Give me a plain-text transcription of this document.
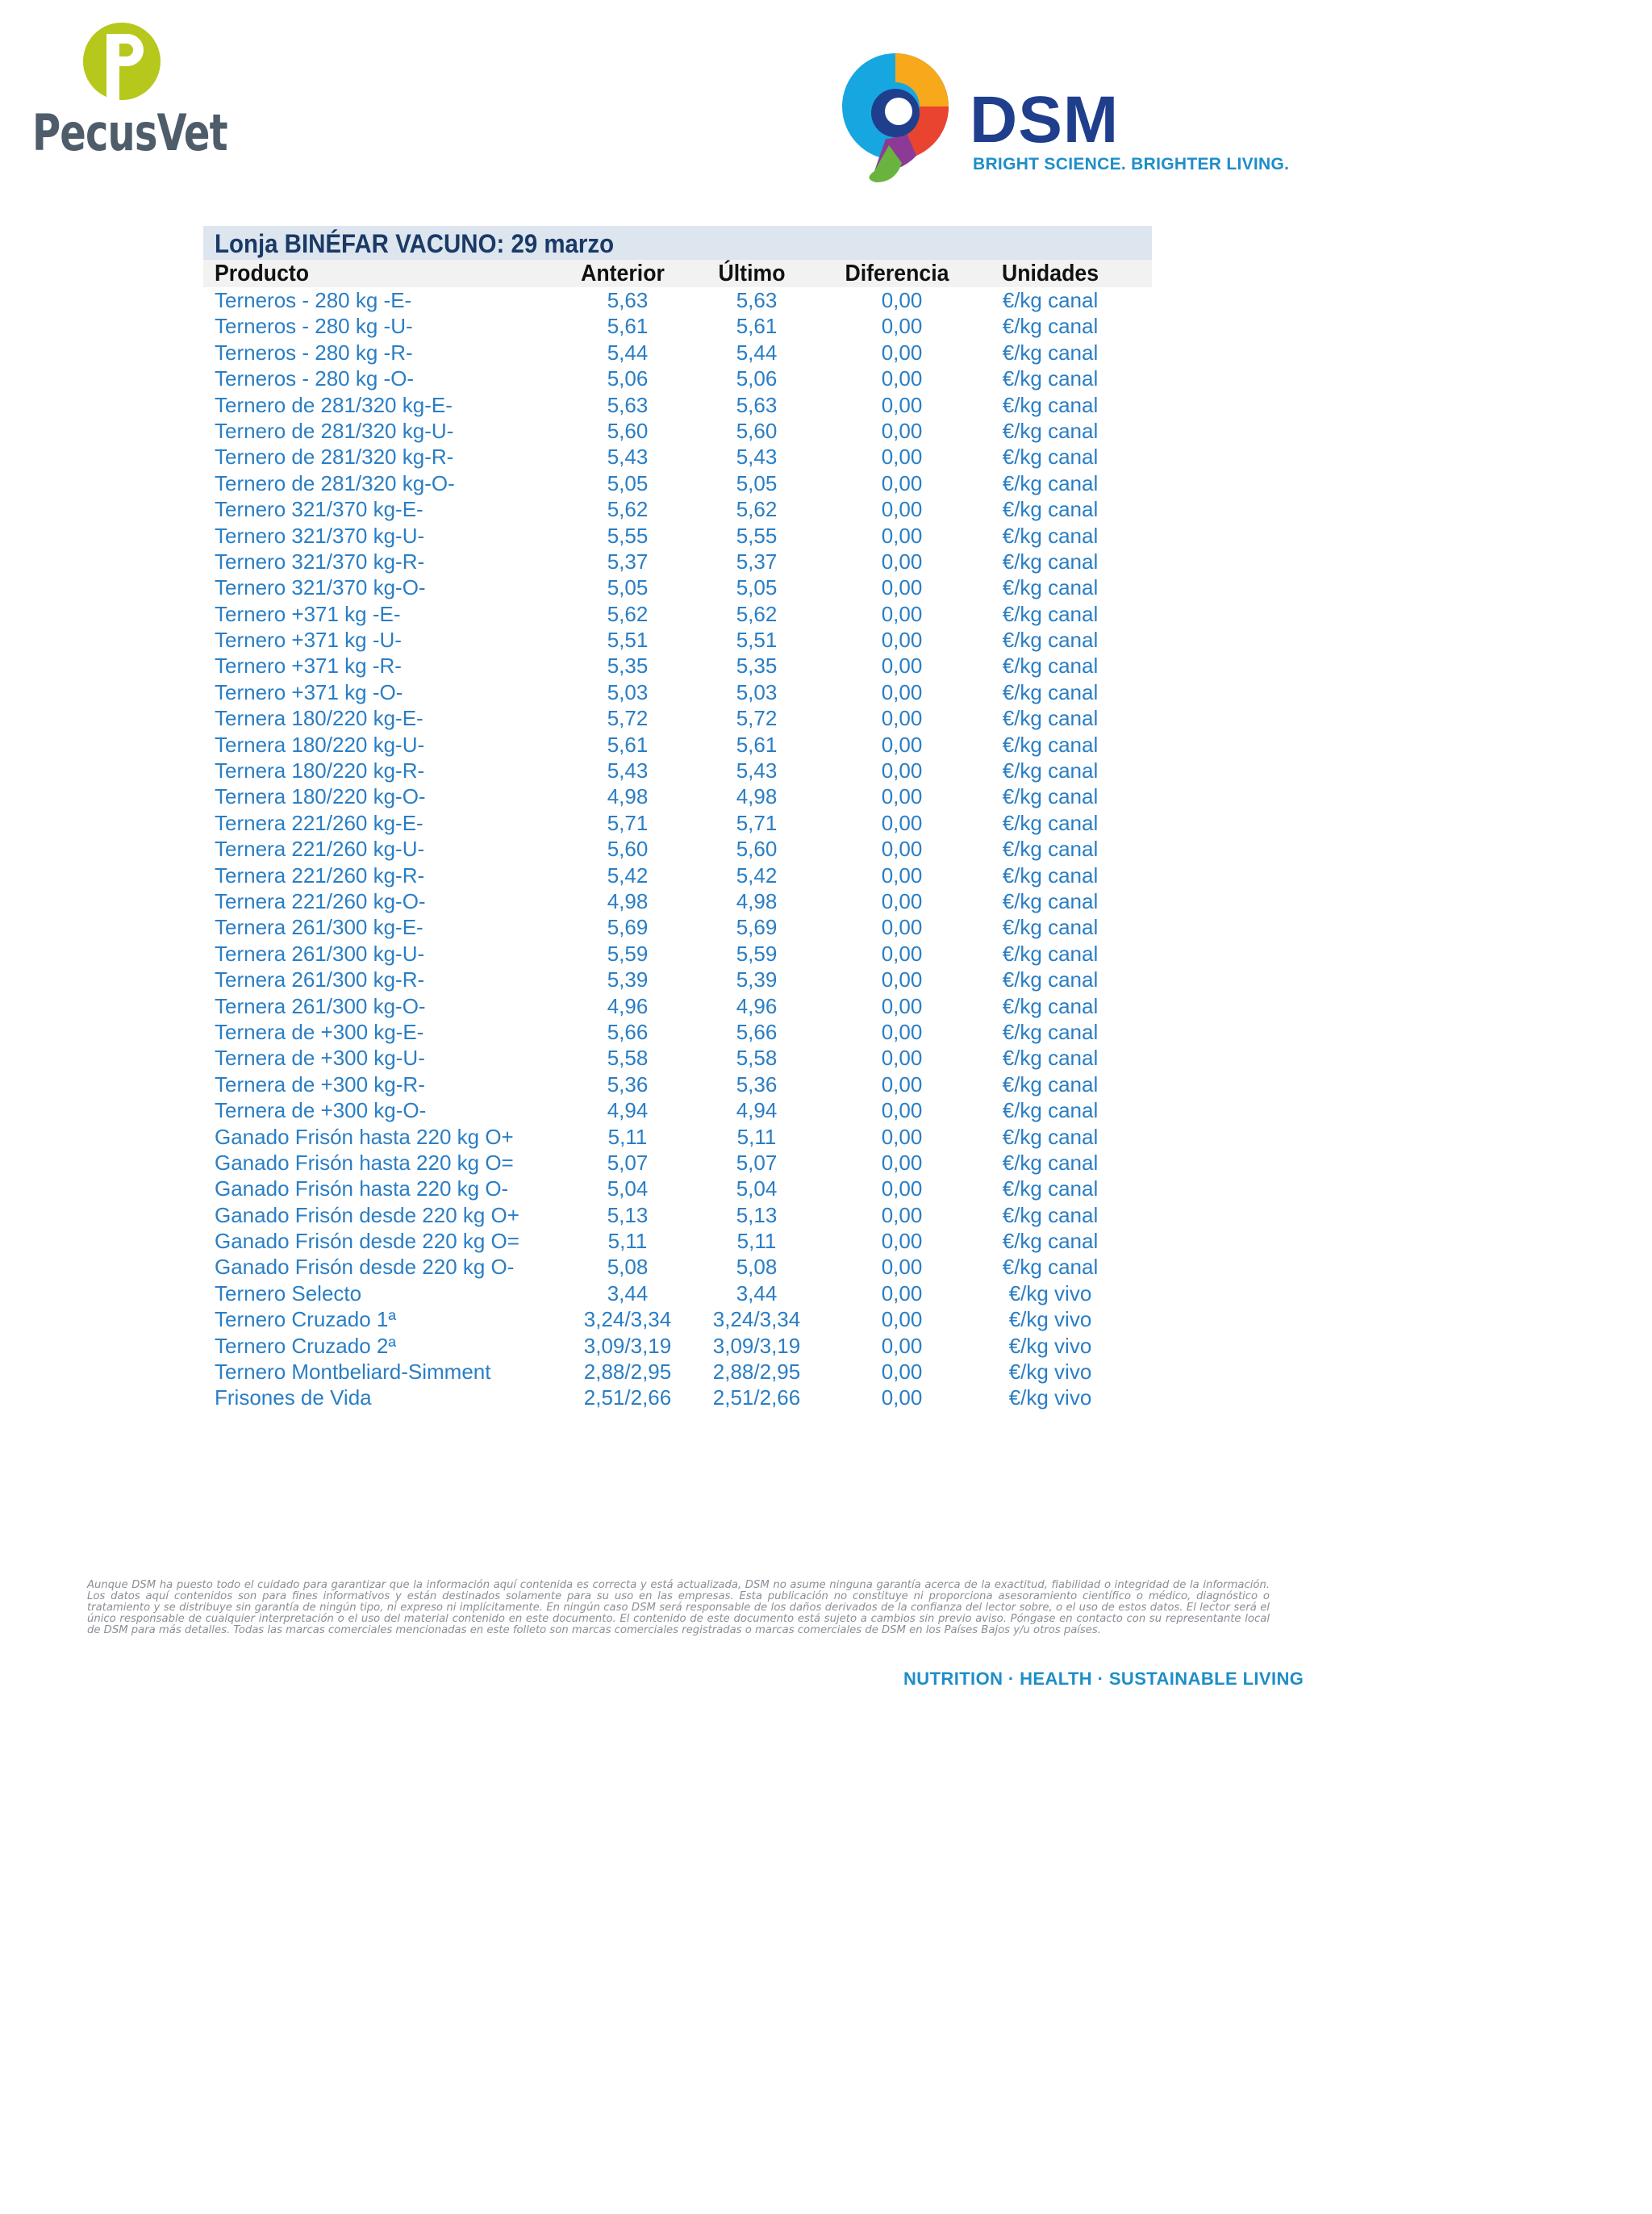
PecusVet	DSM
BRIGHT SCIENCE. BRIGHTER LIVING.
Lonja BINÉFAR VACUNO: 29 marzo
Producto	Anterior	Último	Diferencia	Unidades
Terneros - 280 kg -E-	5,63	5,63	0,00	€/kg canal
Terneros - 280 kg -U-	5,61	5,61	0,00	€/kg canal
Terneros - 280 kg -R-	5,44	5,44	0,00	€/kg canal
Terneros - 280 kg -O-	5,06	5,06	0,00	€/kg canal
Ternero de 281/320 kg-E-	5,63	5,63	0,00	€/kg canal
Ternero de 281/320 kg-U-	5,60	5,60	0,00	€/kg canal
Ternero de 281/320 kg-R-	5,43	5,43	0,00	€/kg canal
Ternero de 281/320 kg-O-	5,05	5,05	0,00	€/kg canal
Ternero 321/370 kg-E-	5,62	5,62	0,00	€/kg canal
Ternero 321/370 kg-U-	5,55	5,55	0,00	€/kg canal
Ternero 321/370 kg-R-	5,37	5,37	0,00	€/kg canal
Ternero 321/370 kg-O-	5,05	5,05	0,00	€/kg canal
Ternero +371 kg -E-	5,62	5,62	0,00	€/kg canal
Ternero +371 kg -U-	5,51	5,51	0,00	€/kg canal
Ternero +371 kg -R-	5,35	5,35	0,00	€/kg canal
Ternero +371 kg -O-	5,03	5,03	0,00	€/kg canal
Ternera 180/220 kg-E-	5,72	5,72	0,00	€/kg canal
Ternera 180/220 kg-U-	5,61	5,61	0,00	€/kg canal
Ternera 180/220 kg-R-	5,43	5,43	0,00	€/kg canal
Ternera 180/220 kg-O-	4,98	4,98	0,00	€/kg canal
Ternera 221/260 kg-E-	5,71	5,71	0,00	€/kg canal
Ternera 221/260 kg-U-	5,60	5,60	0,00	€/kg canal
Ternera 221/260 kg-R-	5,42	5,42	0,00	€/kg canal
Ternera 221/260 kg-O-	4,98	4,98	0,00	€/kg canal
Ternera 261/300 kg-E-	5,69	5,69	0,00	€/kg canal
Ternera 261/300 kg-U-	5,59	5,59	0,00	€/kg canal
Ternera 261/300 kg-R-	5,39	5,39	0,00	€/kg canal
Ternera 261/300 kg-O-	4,96	4,96	0,00	€/kg canal
Ternera de +300 kg-E-	5,66	5,66	0,00	€/kg canal
Ternera de +300 kg-U-	5,58	5,58	0,00	€/kg canal
Ternera de +300 kg-R-	5,36	5,36	0,00	€/kg canal
Ternera de +300 kg-O-	4,94	4,94	0,00	€/kg canal
Ganado Frisón hasta 220 kg O+	5,11	5,11	0,00	€/kg canal
Ganado Frisón hasta 220 kg O=	5,07	5,07	0,00	€/kg canal
Ganado Frisón hasta 220 kg O-	5,04	5,04	0,00	€/kg canal
Ganado Frisón desde 220 kg O+	5,13	5,13	0,00	€/kg canal
Ganado Frisón desde 220 kg O=	5,11	5,11	0,00	€/kg canal
Ganado Frisón desde 220 kg O-	5,08	5,08	0,00	€/kg canal
Ternero Selecto	3,44	3,44	0,00	€/kg vivo
Ternero Cruzado 1ª	3,24/3,34	3,24/3,34	0,00	€/kg vivo
Ternero Cruzado 2ª	3,09/3,19	3,09/3,19	0,00	€/kg vivo
Ternero Montbeliard-Simment	2,88/2,95	2,88/2,95	0,00	€/kg vivo
Frisones de Vida	2,51/2,66	2,51/2,66	0,00	€/kg vivo
Aunque DSM ha puesto todo el cuidado para garantizar que la información aquí contenida es correcta y está actualizada, DSM no asume ninguna garantía acerca de la exactitud, fiabilidad o integridad de la información. Los datos aquí contenidos son para fines informativos y están destinados solamente para su uso en las empresas. Esta publicación no constituye ni proporciona asesoramiento científico o médico, diagnóstico o tratamiento y se distribuye sin garantía de ningún tipo, ni expreso ni implícitamente. En ningún caso DSM será responsable de los daños derivados de la confianza del lector sobre, o el uso de estos datos. El lector será el único responsable de cualquier interpretación o el uso del material contenido en este documento. El contenido de este documento está sujeto a cambios sin previo aviso. Póngase en contacto con su representante local de DSM para más detalles. Todas las marcas comerciales mencionadas en este folleto son marcas comerciales registradas o marcas comerciales de DSM en los Países Bajos y/u otros países.
NUTRITION · HEALTH · SUSTAINABLE LIVING
